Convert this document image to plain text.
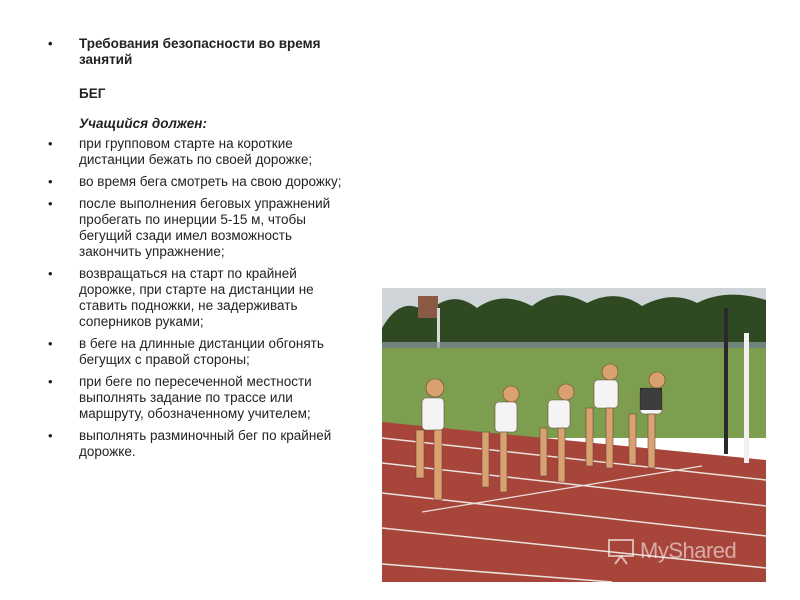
• Требования безопасности во время занятий
БЕГ
Учащийся должен:
• при групповом старте на короткие дистанции бежать по своей дорожке;
• во время бега смотреть на свою дорожку;
• после выполнения беговых упражнений пробегать по инерции 5-15 м, чтобы бегущий сзади имел возможность закончить упражнение;
• возвращаться на старт по крайней дорожке, при старте на дистанции не ставить подножки, не задерживать соперников руками;
• в беге на длинные дистанции обгонять бегущих с правой стороны;
• при беге по пересеченной местности выполнять задание по трассе или маршруту, обозначенному учителем;
• выполнять разминочный бег по крайней дорожке.
MyShared
